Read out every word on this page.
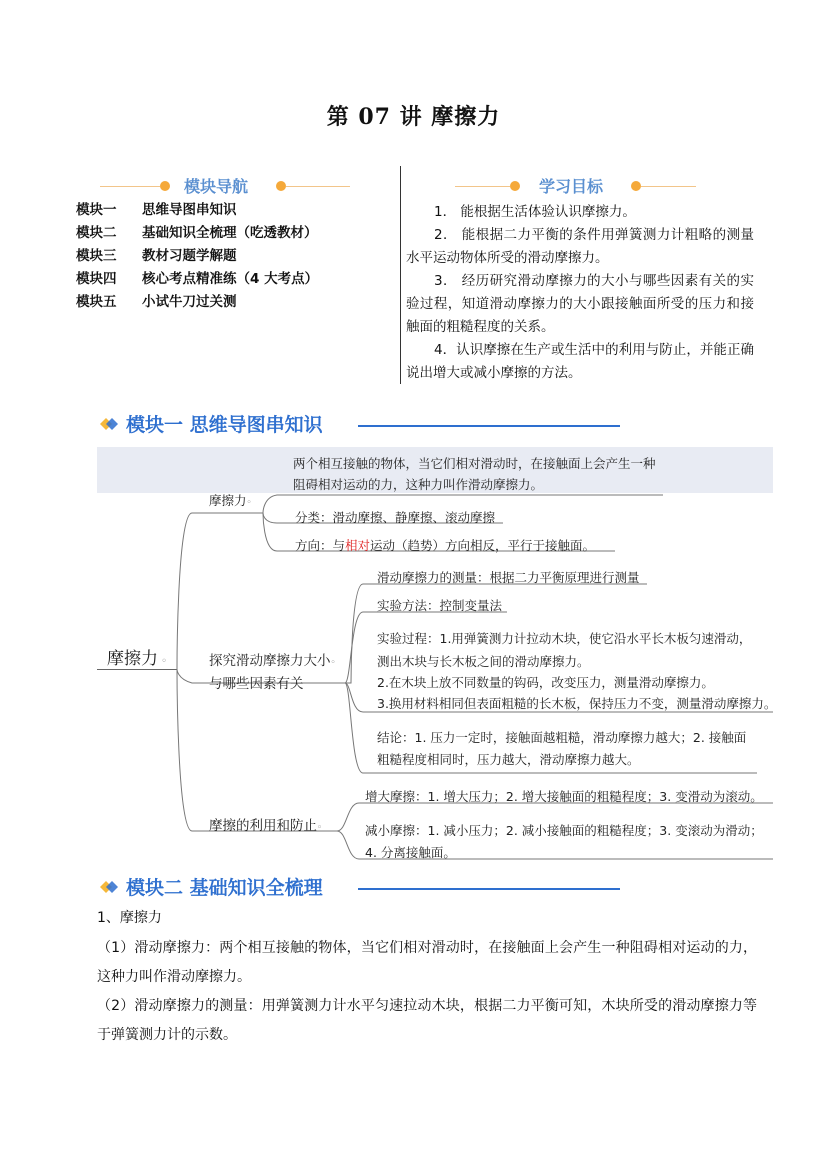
第 07 讲 摩擦力
模块导航	学习目标
模块一 思维导图串知识
模块二 基础知识全梳理（吃透教材）
模块三 教材习题学解题
模块四 核心考点精准练（4 大考点）
模块五 小试牛刀过关测

1． 能根据生活体验认识摩擦力。

2． 能根据二力平衡的条件用弹簧测力计粗略的测量水平运动物体所受的滑动摩擦力。

3． 经历研究滑动摩擦力的大小与哪些因素有关的实验过程，知道滑动摩擦力的大小跟接触面所受的压力和接触面的粗糙程度的关系。

4．认识摩擦在生产或生活中的利用与防止，并能正确说出增大或减小摩擦的方法。

模块一 思维导图串知识
摩擦力 ◦
摩擦力◦
两个相互接触的物体，当它们相对滑动时，在接触面上会产生一种
阻碍相对运动的力，这种力叫作滑动摩擦力。
分类：滑动摩擦、静摩擦、滚动摩擦
方向：与相对运动（趋势）方向相反，平行于接触面。
探究滑动摩擦力大小◦
与哪些因素有关
滑动摩擦力的测量：根据二力平衡原理进行测量
实验方法：控制变量法
实验过程：1.用弹簧测力计拉动木块，使它沿水平长木板匀速滑动，
测出木块与长木板之间的滑动摩擦力。
2.在木块上放不同数量的钩码，改变压力，测量滑动摩擦力。
3.换用材料相同但表面粗糙的长木板，保持压力不变，测量滑动摩擦力。
结论：1. 压力一定时，接触面越粗糙，滑动摩擦力越大；2. 接触面
粗糙程度相同时，压力越大，滑动摩擦力越大。
摩擦的利用和防止◦
增大摩擦：1. 增大压力；2. 增大接触面的粗糙程度；3. 变滑动为滚动。
减小摩擦：1. 减小压力；2. 减小接触面的粗糙程度；3. 变滚动为滑动；
4. 分离接触面。
模块二 基础知识全梳理
1、摩擦力
（1）滑动摩擦力：两个相互接触的物体，当它们相对滑动时，在接触面上会产生一种阻碍相对运动的力，这种力叫作滑动摩擦力。
（2）滑动摩擦力的测量：用弹簧测力计水平匀速拉动木块，根据二力平衡可知，木块所受的滑动摩擦力等于弹簧测力计的示数。
